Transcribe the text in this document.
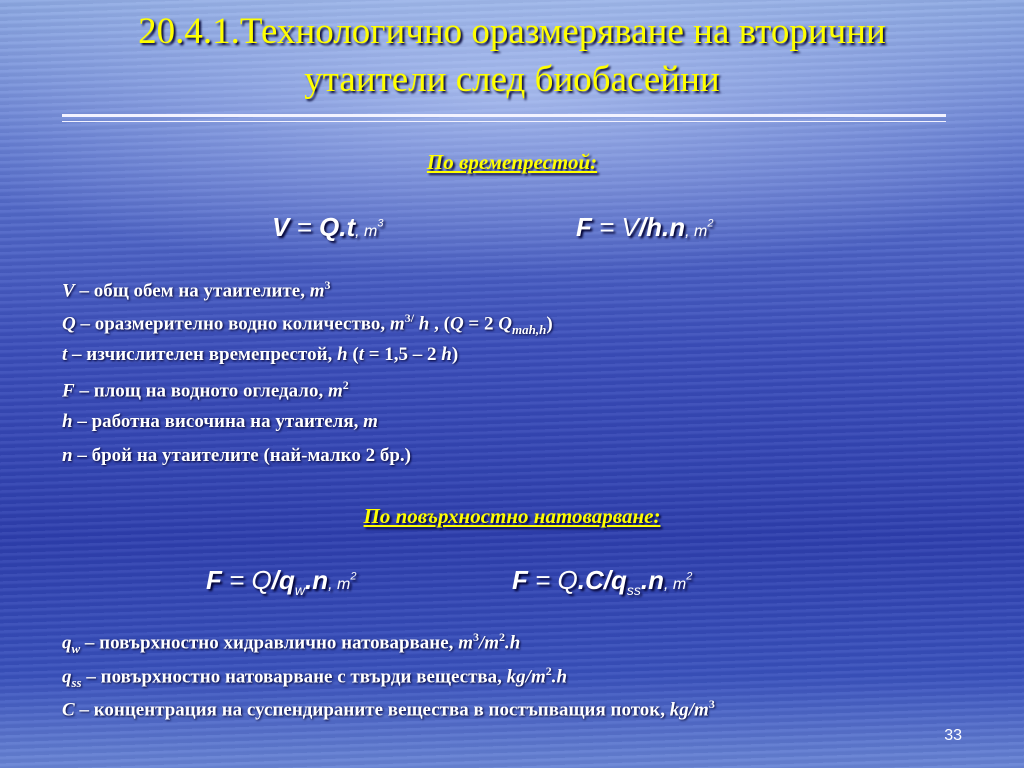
20.4.1.Технологично оразмеряване на вторични
утаители след биобасейни
По времепрестой:
V = Q.t, $m^3$	F = V/h.n, $m^2$
V – общ обем на утаителите, $m^3$
Q – оразмерително водно количество, $m^{3/}$ h , (Q = 2 $Q_{mah,h}$)
t – изчислителен времепрестой, h (t = 1,5 – 2 h)
F – площ на водното огледало, $m^2$
h – работна височина на утаителя, m
n – брой на утаителите (най-малко 2 бр.)
По повърхностно натоварване:
$F = Q/q_w.n$, $m^2$	$F = Q.C/q_{ss}.n$, $m^2$
$q_w$ – повърхностно хидравлично натоварване, $m^3/m^2.h$
$q_{ss}$ – повърхностно натоварване с твърди вещества, $kg/m^2.h$
C – концентрация на суспендираните вещества в постъпващия поток, $kg/m^3$
33
